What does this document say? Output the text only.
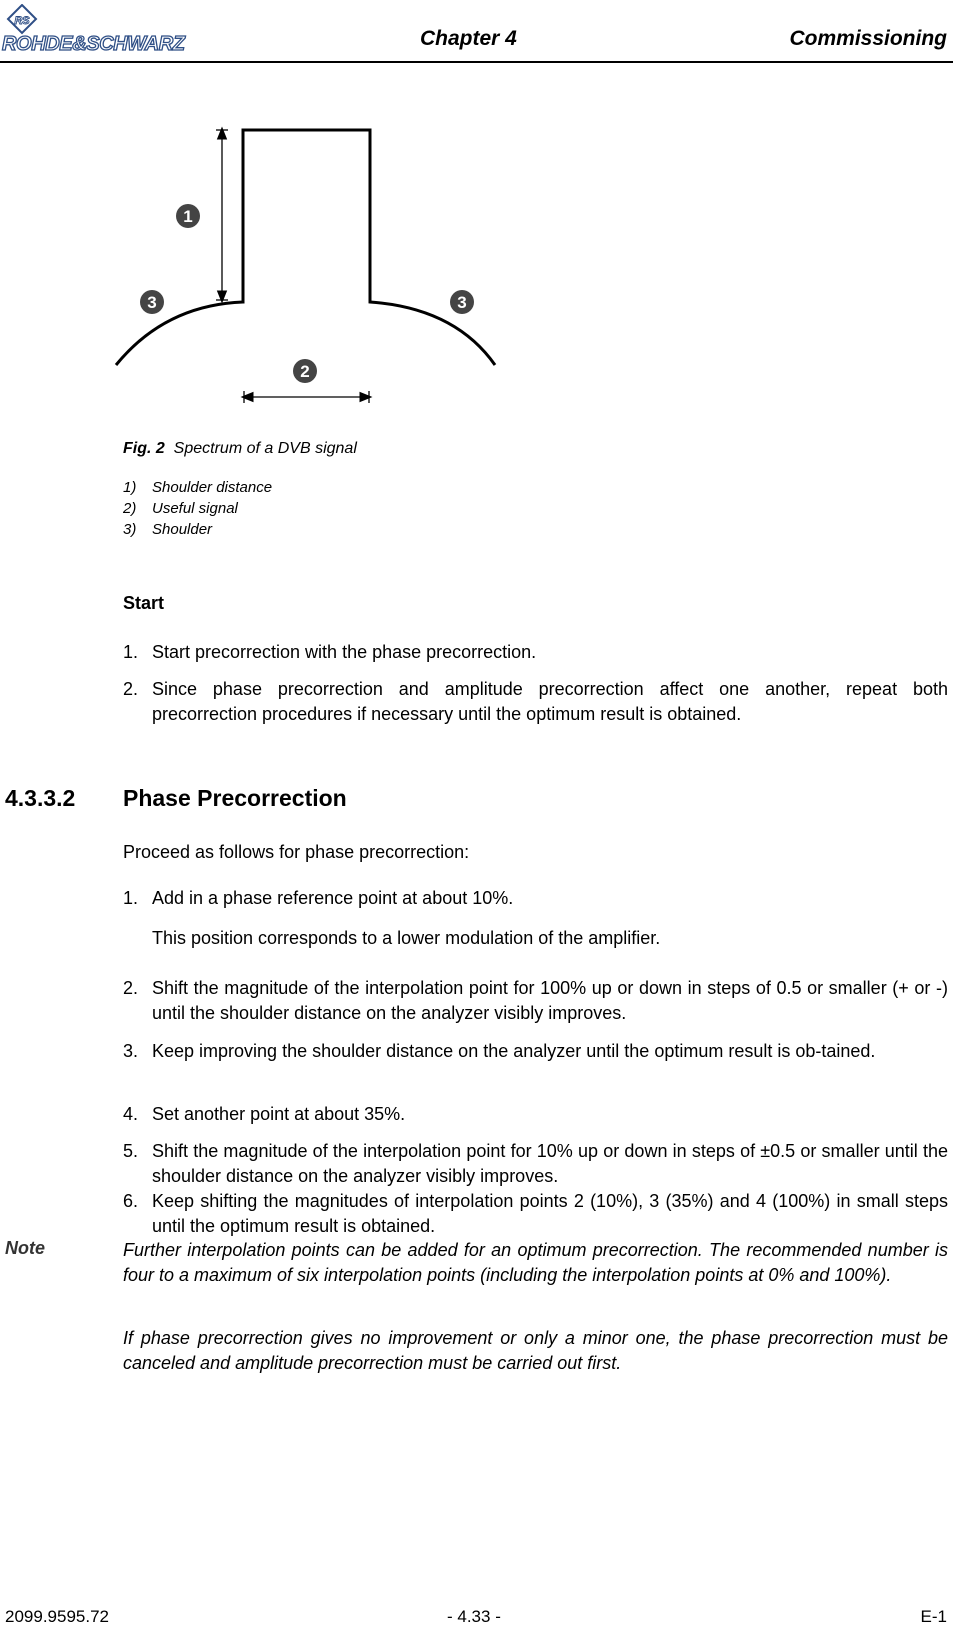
RS
ROHDE&SCHWARZ	Chapter 4	Commissioning
1
2
3	3
Fig. 2 Spectrum of a DVB signal
1) Shoulder distance
2) Useful signal
3) Shoulder
Start
1. Start precorrection with the phase precorrection.
2. Since phase precorrection and amplitude precorrection affect one another, repeat both precorrection procedures if necessary until the optimum result is obtained.
4.3.3.2 Phase Precorrection
Proceed as follows for phase precorrection:
1. Add in a phase reference point at about 10%.
This position corresponds to a lower modulation of the amplifier.
2. Shift the magnitude of the interpolation point for 100% up or down in steps of 0.5 or smaller (+ or -) until the shoulder distance on the analyzer visibly improves.
3. Keep improving the shoulder distance on the analyzer until the optimum result is ob-tained.
4. Set another point at about 35%.
5. Shift the magnitude of the interpolation point for 10% up or down in steps of ±0.5 or smaller until the shoulder distance on the analyzer visibly improves.
6. Keep shifting the magnitudes of interpolation points 2 (10%), 3 (35%) and 4 (100%) in small steps until the optimum result is obtained.
Note	Further interpolation points can be added for an optimum precorrection. The recommended number is four to a maximum of six interpolation points (including the interpolation points at 0% and 100%).
If phase precorrection gives no improvement or only a minor one, the phase precorrection must be canceled and amplitude precorrection must be carried out first.
2099.9595.72	- 4.33 -	E-1
